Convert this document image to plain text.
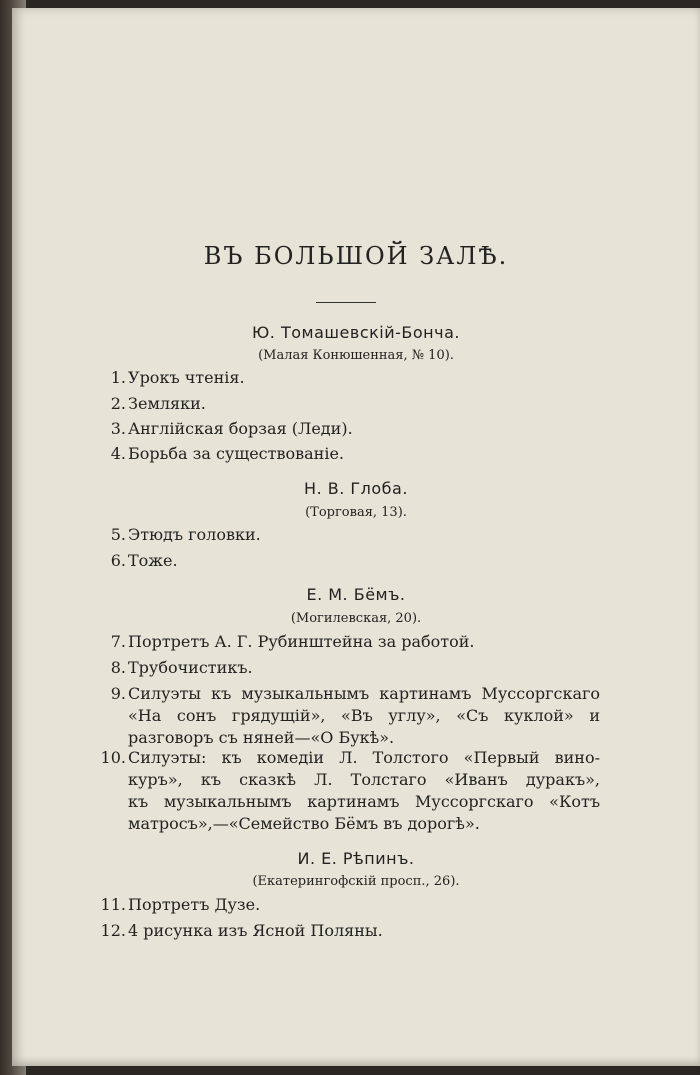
ВЪ БОЛЬШОЙ ЗАЛѢ.
Ю. Томашевскій-Бонча.
(Малая Конюшенная, № 10).
1. Урокъ чтенія.
2. Земляки.
3. Англійская борзая (Леди).
4. Борьба за существованіе.
Н. В. Глоба.
(Торговая, 13).
5. Этюдъ головки.
6. Тоже.
Е. М. Бёмъ.
(Могилевская, 20).
7. Портретъ А. Г. Рубинштейна за работой.
8. Трубочистикъ.
9. Силуэты къ музыкальнымъ картинамъ Муссоргскаго
«На сонъ грядущій», «Въ углу», «Съ куклой» и
разговоръ съ няней—«О Букѣ».
10. Силуэты: къ комедіи Л. Толстого «Первый вино-
куръ», къ сказкѣ Л. Толстаго «Иванъ дуракъ»,
къ музыкальнымъ картинамъ Муссоргскаго «Котъ
матросъ»,—«Семейство Бёмъ въ дорогѣ».
И. Е. Рѣпинъ.
(Екатерингофскій просп., 26).
11. Портретъ Дузе.
12. 4 рисунка изъ Ясной Поляны.
